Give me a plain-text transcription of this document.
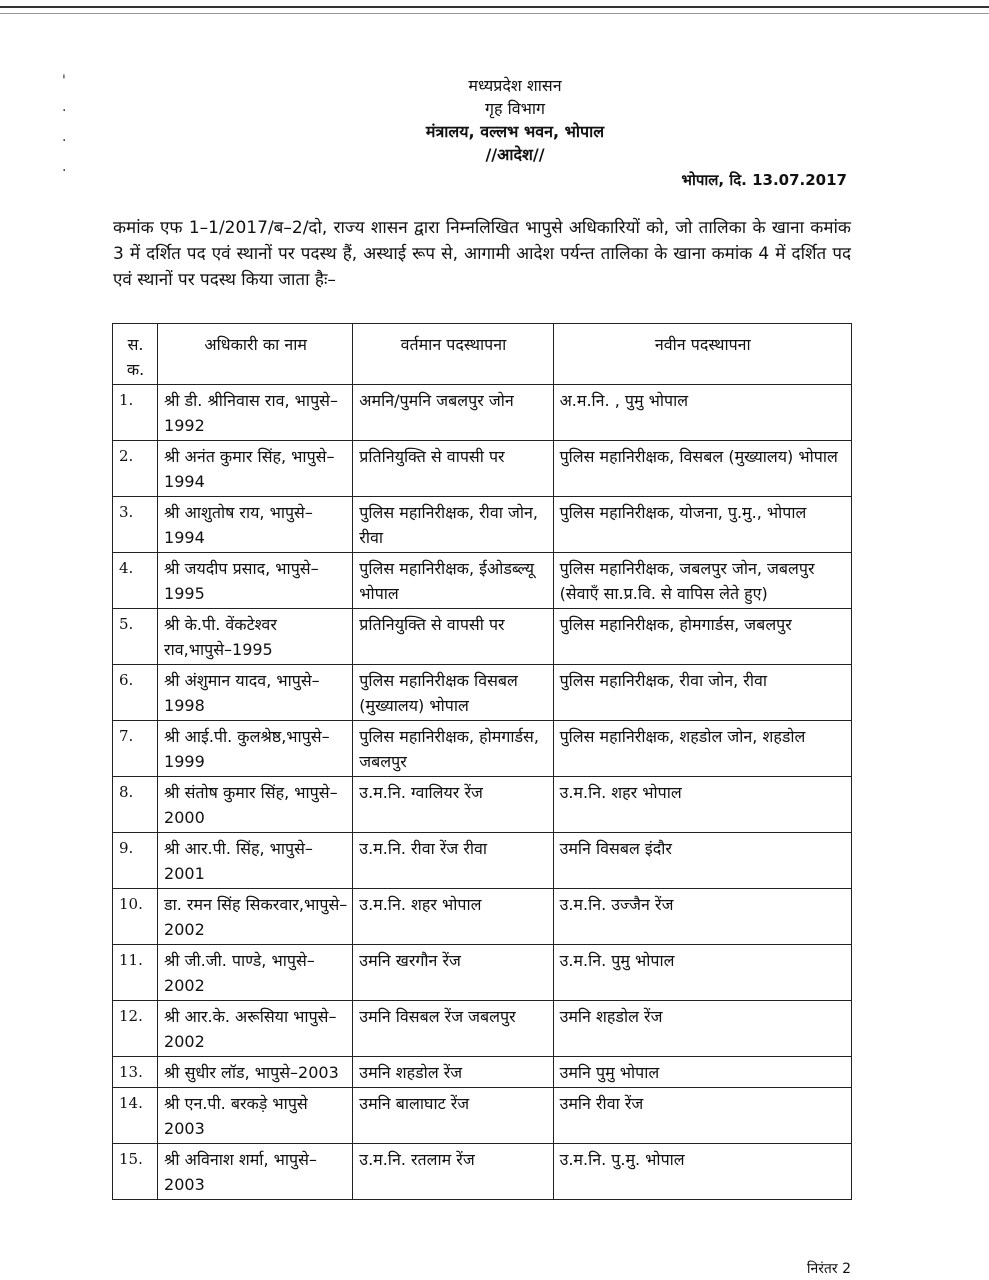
'
·
·
·
मध्यप्रदेश शासन
गृह विभाग
मंत्रालय, वल्लभ भवन, भोपाल
//आदेश//
भोपाल, दि. 13.07.2017
कमांक एफ 1–1/2017/ब–2/दो, राज्य शासन द्वारा निम्नलिखित भापुसे अधिकारियों को, जो तालिका के खाना कमांक 3 में दर्शित पद एवं स्थानों पर पदस्थ हैं, अस्थाई रूप से, आगामी आदेश पर्यन्त तालिका के खाना कमांक 4 में दर्शित पद एवं स्थानों पर पदस्थ किया जाता हैः–
स. क.	अधिकारी का नाम	वर्तमान पदस्थापना	नवीन पदस्थापना
1.	श्री डी. श्रीनिवास राव, भापुसे–1992	अमनि/पुमनि जबलपुर जोन	अ.म.नि. , पुमु भोपाल
2.	श्री अनंत कुमार सिंह, भापुसे–1994	प्रतिनियुक्ति से वापसी पर	पुलिस महानिरीक्षक, विसबल (मुख्यालय) भोपाल
3.	श्री आशुतोष राय, भापुसे–1994	पुलिस महानिरीक्षक, रीवा जोन, रीवा	पुलिस महानिरीक्षक, योजना, पु.मु., भोपाल
4.	श्री जयदीप प्रसाद, भापुसे–1995	पुलिस महानिरीक्षक, ईओडब्ल्यू भोपाल	पुलिस महानिरीक्षक, जबलपुर जोन, जबलपुर (सेवाएँ सा.प्र.वि. से वापिस लेते हुए)
5.	श्री के.पी. वेंकटेश्वर राव,भापुसे–1995	प्रतिनियुक्ति से वापसी पर	पुलिस महानिरीक्षक, होमगार्डस, जबलपुर
6.	श्री अंशुमान यादव, भापुसे–1998	पुलिस महानिरीक्षक विसबल (मुख्यालय) भोपाल	पुलिस महानिरीक्षक, रीवा जोन, रीवा
7.	श्री आई.पी. कुलश्रेष्ठ,भापुसे–1999	पुलिस महानिरीक्षक, होमगार्डस, जबलपुर	पुलिस महानिरीक्षक, शहडोल जोन, शहडोल
8.	श्री संतोष कुमार सिंह, भापुसे–2000	उ.म.नि. ग्वालियर रेंज	उ.म.नि. शहर भोपाल
9.	श्री आर.पी. सिंह, भापुसे–2001	उ.म.नि. रीवा रेंज रीवा	उमनि विसबल इंदौर
10.	डा. रमन सिंह सिकरवार,भापुसे–2002	उ.म.नि. शहर भोपाल	उ.म.नि. उज्जैन रेंज
11.	श्री जी.जी. पाण्डे, भापुसे–2002	उमनि खरगौन रेंज	उ.म.नि. पुमु भोपाल
12.	श्री आर.के. अरूसिया भापुसे–2002	उमनि विसबल रेंज जबलपुर	उमनि शहडोल रेंज
13.	श्री सुधीर लॉड, भापुसे–2003	उमनि शहडोल रेंज	उमनि पुमु भोपाल
14.	श्री एन.पी. बरकड़े भापुसे 2003	उमनि बालाघाट रेंज	उमनि रीवा रेंज
15.	श्री अविनाश शर्मा, भापुसे–2003	उ.म.नि. रतलाम रेंज	उ.म.नि. पु.मु. भोपाल
निरंतर 2
